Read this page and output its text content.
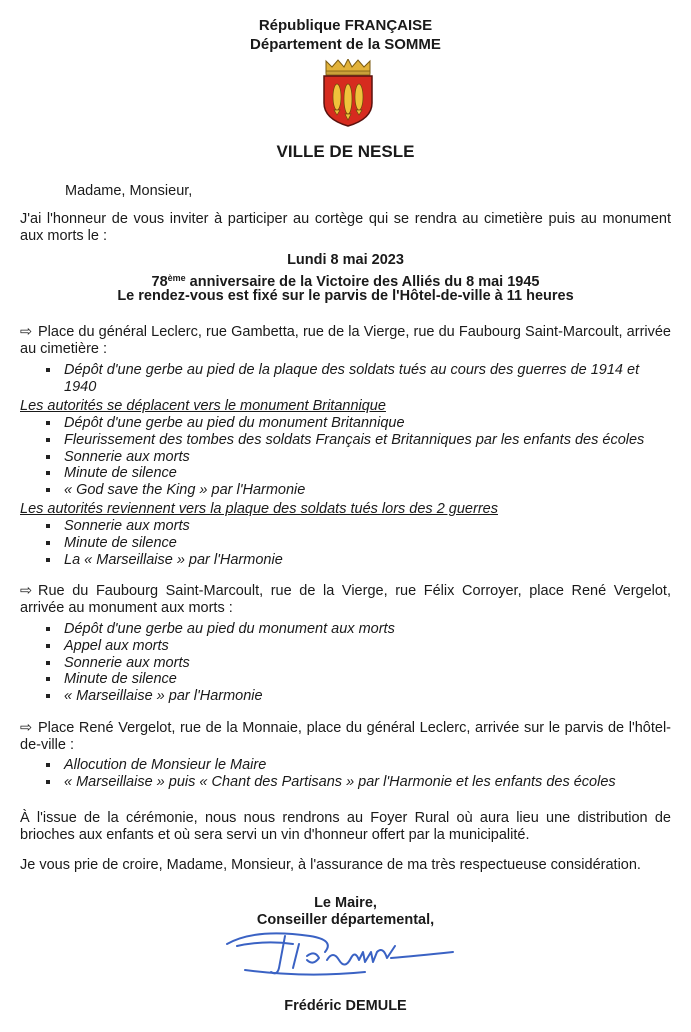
République FRANÇAISE
Département de la SOMME
VILLE DE NESLE
Madame, Monsieur,
J'ai l'honneur de vous inviter à participer au cortège qui se rendra au cimetière puis au monument aux morts le :
Lundi 8 mai 2023
78ème anniversaire de la Victoire des Alliés du 8 mai 1945
Le rendez-vous est fixé sur le parvis de l'Hôtel-de-ville à 11 heures
⇨ Place du général Leclerc, rue Gambetta, rue de la Vierge, rue du Faubourg Saint-Marcoult, arrivée au cimetière :
Dépôt d'une gerbe au pied de la plaque des soldats tués au cours des guerres de 1914 et 1940
Les autorités se déplacent vers le monument Britannique
Dépôt d'une gerbe au pied du monument Britannique
Fleurissement des tombes des soldats Français et Britanniques par les enfants des écoles
Sonnerie aux morts
Minute de silence
« God save the King » par l'Harmonie
Les autorités reviennent vers la plaque des soldats tués lors des 2 guerres
Sonnerie aux morts
Minute de silence
La « Marseillaise » par l'Harmonie
⇨ Rue du Faubourg Saint-Marcoult, rue de la Vierge, rue Félix Corroyer, place René Vergelot, arrivée au monument aux morts :
Dépôt d'une gerbe au pied du monument aux morts
Appel aux morts
Sonnerie aux morts
Minute de silence
« Marseillaise » par l'Harmonie
⇨ Place René Vergelot, rue de la Monnaie, place du général Leclerc, arrivée sur le parvis de l'hôtel-de-ville :
Allocution de Monsieur le Maire
« Marseillaise » puis « Chant des Partisans » par l'Harmonie et les enfants des écoles
À l'issue de la cérémonie, nous nous rendrons au Foyer Rural où aura lieu une distribution de brioches aux enfants et où sera servi un vin d'honneur offert par la municipalité.
Je vous prie de croire, Madame, Monsieur, à l'assurance de ma très respectueuse considération.
Le Maire,
Conseiller départemental,
Frédéric DEMULE
